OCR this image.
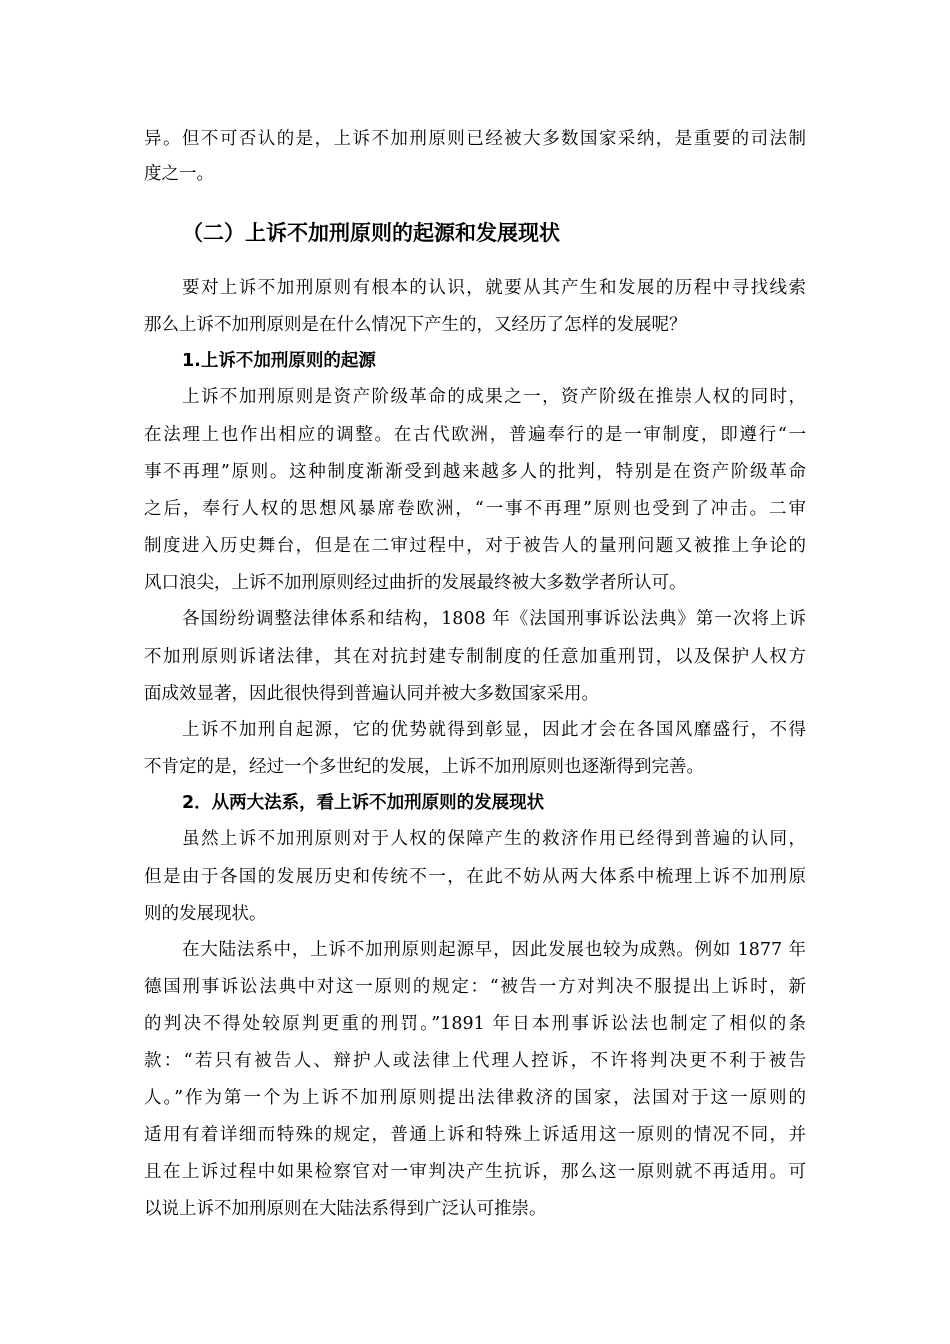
异。但不可否认的是，上诉不加刑原则已经被大多数国家采纳，是重要的司法制
度之一。
（二）上诉不加刑原则的起源和发展现状
要对上诉不加刑原则有根本的认识，就要从其产生和发展的历程中寻找线索
那么上诉不加刑原则是在什么情况下产生的，又经历了怎样的发展呢？
1.上诉不加刑原则的起源
上诉不加刑原则是资产阶级革命的成果之一，资产阶级在推崇人权的同时，
在法理上也作出相应的调整。在古代欧洲，普遍奉行的是一审制度，即遵行“一
事不再理”原则。这种制度渐渐受到越来越多人的批判，特别是在资产阶级革命
之后，奉行人权的思想风暴席卷欧洲，“一事不再理”原则也受到了冲击。二审
制度进入历史舞台，但是在二审过程中，对于被告人的量刑问题又被推上争论的
风口浪尖，上诉不加刑原则经过曲折的发展最终被大多数学者所认可。
各国纷纷调整法律体系和结构，1808 年《法国刑事诉讼法典》第一次将上诉
不加刑原则诉诸法律，其在对抗封建专制制度的任意加重刑罚，以及保护人权方
面成效显著，因此很快得到普遍认同并被大多数国家采用。
上诉不加刑自起源，它的优势就得到彰显，因此才会在各国风靡盛行，不得
不肯定的是，经过一个多世纪的发展，上诉不加刑原则也逐渐得到完善。
2．从两大法系，看上诉不加刑原则的发展现状
虽然上诉不加刑原则对于人权的保障产生的救济作用已经得到普遍的认同，
但是由于各国的发展历史和传统不一，在此不妨从两大体系中梳理上诉不加刑原
则的发展现状。
在大陆法系中，上诉不加刑原则起源早，因此发展也较为成熟。例如 1877 年
德国刑事诉讼法典中对这一原则的规定：“被告一方对判决不服提出上诉时，新
的判决不得处较原判更重的刑罚。”1891 年日本刑事诉讼法也制定了相似的条
款：“若只有被告人、辩护人或法律上代理人控诉，不许将判决更不利于被告
人。”作为第一个为上诉不加刑原则提出法律救济的国家，法国对于这一原则的
适用有着详细而特殊的规定，普通上诉和特殊上诉适用这一原则的情况不同，并
且在上诉过程中如果检察官对一审判决产生抗诉，那么这一原则就不再适用。可
以说上诉不加刑原则在大陆法系得到广泛认可推崇。
